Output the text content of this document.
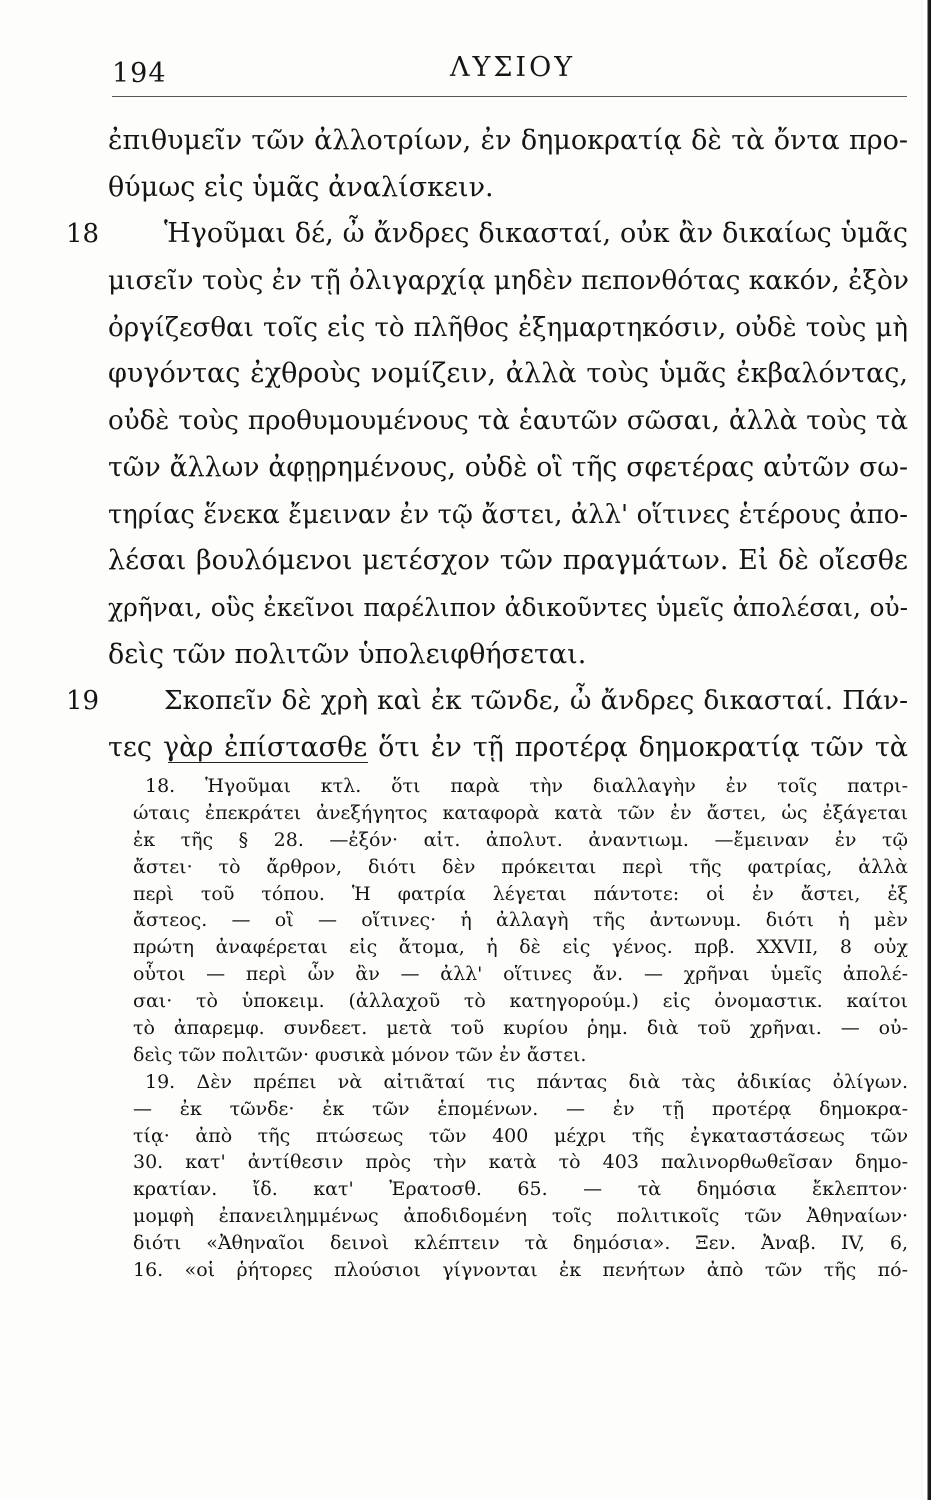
194	ΛΥΣΙΟΥ
ἐπιθυμεῖν τῶν ἀλλοτρίων, ἐν δημοκρατίᾳ δὲ τὰ ὄντα προ-
θύμως εἰς ὑμᾶς ἀναλίσκειν.
18 Ἡγοῦμαι δέ, ὦ ἄνδρες δικασταί, οὐκ ἂν δικαίως ὑμᾶς
μισεῖν τοὺς ἐν τῇ ὀλιγαρχίᾳ μηδὲν πεπονθότας κακόν, ἐξὸν
ὀργίζεσθαι τοῖς εἰς τὸ πλῆθος ἐξημαρτηκόσιν, οὐδὲ τοὺς μὴ
φυγόντας ἐχθροὺς νομίζειν, ἀλλὰ τοὺς ὑμᾶς ἐκβαλόντας,
οὐδὲ τοὺς προθυμουμένους τὰ ἑαυτῶν σῶσαι, ἀλλὰ τοὺς τὰ
τῶν ἄλλων ἀφῃρημένους, οὐδὲ οἳ τῆς σφετέρας αὐτῶν σω-
τηρίας ἕνεκα ἔμειναν ἐν τῷ ἄστει, ἀλλ' οἵτινες ἑτέρους ἀπο-
λέσαι βουλόμενοι μετέσχον τῶν πραγμάτων. Εἰ δὲ οἴεσθε
χρῆναι, οὓς ἐκεῖνοι παρέλιπον ἀδικοῦντες ὑμεῖς ἀπολέσαι, οὐ-
δεὶς τῶν πολιτῶν ὑπολειφθήσεται.
19 Σκοπεῖν δὲ χρὴ καὶ ἐκ τῶνδε, ὦ ἄνδρες δικασταί. Πάν-
τες γὰρ ἐπίστασθε ὅτι ἐν τῇ προτέρᾳ δημοκρατίᾳ τῶν τὰ
18. Ἡγοῦμαι κτλ. ὅτι παρὰ τὴν διαλλαγὴν ἐν τοῖς πατρι-
ώταις ἐπεκράτει ἀνεξήγητος καταφορὰ κατὰ τῶν ἐν ἄστει, ὡς ἐξάγεται
ἐκ τῆς § 28. —ἐξόν· αἰτ. ἀπολυτ. ἀναντιωμ. —ἔμειναν ἐν τῷ
ἄστει· τὸ ἄρθρον, διότι δὲν πρόκειται περὶ τῆς φατρίας, ἀλλὰ
περὶ τοῦ τόπου. Ἡ φατρία λέγεται πάντοτε: οἱ ἐν ἄστει, ἐξ
ἄστεος. — οἳ — οἵτινες· ἡ ἀλλαγὴ τῆς ἀντωνυμ. διότι ἡ μὲν
πρώτη ἀναφέρεται εἰς ἄτομα, ἡ δὲ εἰς γένος. πρβ. XXVII, 8 οὐχ
οὗτοι — περὶ ὧν ἂν — ἀλλ' οἵτινες ἄν. — χρῆναι ὑμεῖς ἀπολέ-
σαι· τὸ ὑποκειμ. (ἀλλαχοῦ τὸ κατηγορούμ.) εἰς ὀνομαστικ. καίτοι
τὸ ἀπαρεμφ. συνδεετ. μετὰ τοῦ κυρίου ῥημ. διὰ τοῦ χρῆναι. — οὐ-
δεὶς τῶν πολιτῶν· φυσικὰ μόνον τῶν ἐν ἄστει.
19. Δὲν πρέπει νὰ αἰτιᾶταί τις πάντας διὰ τὰς ἀδικίας ὀλίγων.
— ἐκ τῶνδε· ἐκ τῶν ἑπομένων. — ἐν τῇ προτέρᾳ δημοκρα-
τίᾳ· ἀπὸ τῆς πτώσεως τῶν 400 μέχρι τῆς ἐγκαταστάσεως τῶν
30. κατ' ἀντίθεσιν πρὸς τὴν κατὰ τὸ 403 παλινορθωθεῖσαν δημο-
κρατίαν. ἴδ. κατ' Ἐρατοσθ. 65. — τὰ δημόσια ἔκλεπτον·
μομφὴ ἐπανειλημμένως ἀποδιδομένη τοῖς πολιτικοῖς τῶν Ἀθηναίων·
διότι «Ἀθηναῖοι δεινοὶ κλέπτειν τὰ δημόσια». Ξεν. Ἀναβ. IV, 6,
16. «οἱ ῥήτορες πλούσιοι γίγνονται ἐκ πενήτων ἀπὸ τῶν τῆς πό-
